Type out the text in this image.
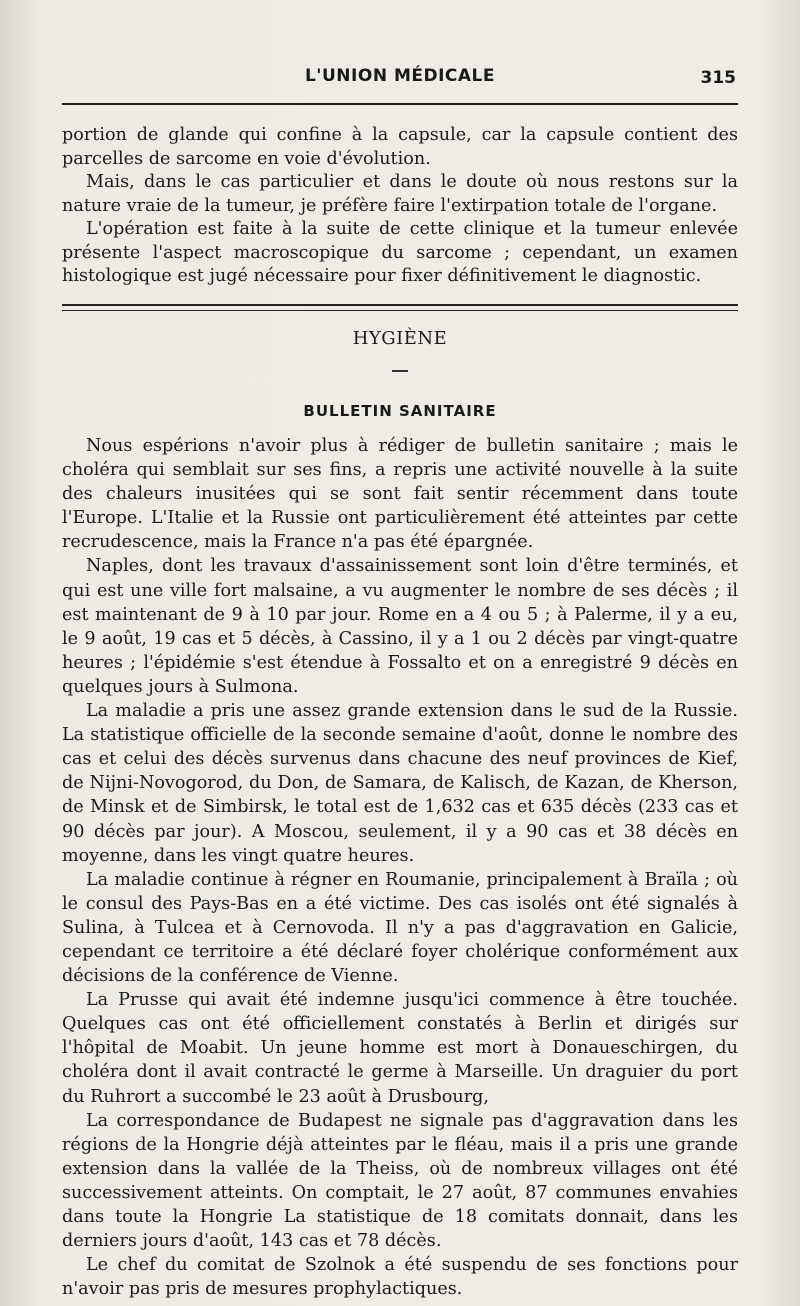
L'UNION MÉDICALE	315

portion de glande qui confine à la capsule, car la capsule contient des parcelles de sarcome en voie d'évolution.

Mais, dans le cas particulier et dans le doute où nous restons sur la nature vraie de la tumeur, je préfère faire l'extirpation totale de l'organe.

L'opération est faite à la suite de cette clinique et la tumeur enlevée présente l'aspect macroscopique du sarcome ; cependant, un examen histologique est jugé nécessaire pour fixer définitivement le diagnostic.

HYGIÈNE
BULLETIN SANITAIRE

Nous espérions n'avoir plus à rédiger de bulletin sanitaire ; mais le choléra qui semblait sur ses fins, a repris une activité nouvelle à la suite des chaleurs inusitées qui se sont fait sentir récemment dans toute l'Europe. L'Italie et la Russie ont particulièrement été atteintes par cette recrudescence, mais la France n'a pas été épargnée.

Naples, dont les travaux d'assainissement sont loin d'être terminés, et qui est une ville fort malsaine, a vu augmenter le nombre de ses décès ; il est maintenant de 9 à 10 par jour. Rome en a 4 ou 5 ; à Palerme, il y a eu, le 9 août, 19 cas et 5 décès, à Cassino, il y a 1 ou 2 décès par vingt-quatre heures ; l'épidémie s'est étendue à Fossalto et on a enregistré 9 décès en quelques jours à Sulmona.

La maladie a pris une assez grande extension dans le sud de la Russie. La statistique officielle de la seconde semaine d'août, donne le nombre des cas et celui des décès survenus dans chacune des neuf provinces de Kief, de Nijni-Novogorod, du Don, de Samara, de Kalisch, de Kazan, de Kherson, de Minsk et de Simbirsk, le total est de 1,632 cas et 635 décès (233 cas et 90 décès par jour). A Moscou, seulement, il y a 90 cas et 38 décès en moyenne, dans les vingt quatre heures.

La maladie continue à régner en Roumanie, principalement à Braïla ; où le consul des Pays-Bas en a été victime. Des cas isolés ont été signalés à Sulina, à Tulcea et à Cernovoda. Il n'y a pas d'aggravation en Galicie, cependant ce territoire a été déclaré foyer cholérique conformément aux décisions de la conférence de Vienne.

La Prusse qui avait été indemne jusqu'ici commence à être touchée. Quelques cas ont été officiellement constatés à Berlin et dirigés sur l'hôpital de Moabit. Un jeune homme est mort à Donaueschirgen, du choléra dont il avait contracté le germe à Marseille. Un draguier du port du Ruhrort a succombé le 23 août à Drusbourg,

La correspondance de Budapest ne signale pas d'aggravation dans les régions de la Hongrie déjà atteintes par le fléau, mais il a pris une grande extension dans la vallée de la Theiss, où de nombreux villages ont été successivement atteints. On comptait, le 27 août, 87 communes envahies dans toute la Hongrie La statistique de 18 comitats donnait, dans les derniers jours d'août, 143 cas et 78 décès.

Le chef du comitat de Szolnok a été suspendu de ses fonctions pour n'avoir pas pris de mesures prophylactiques.
